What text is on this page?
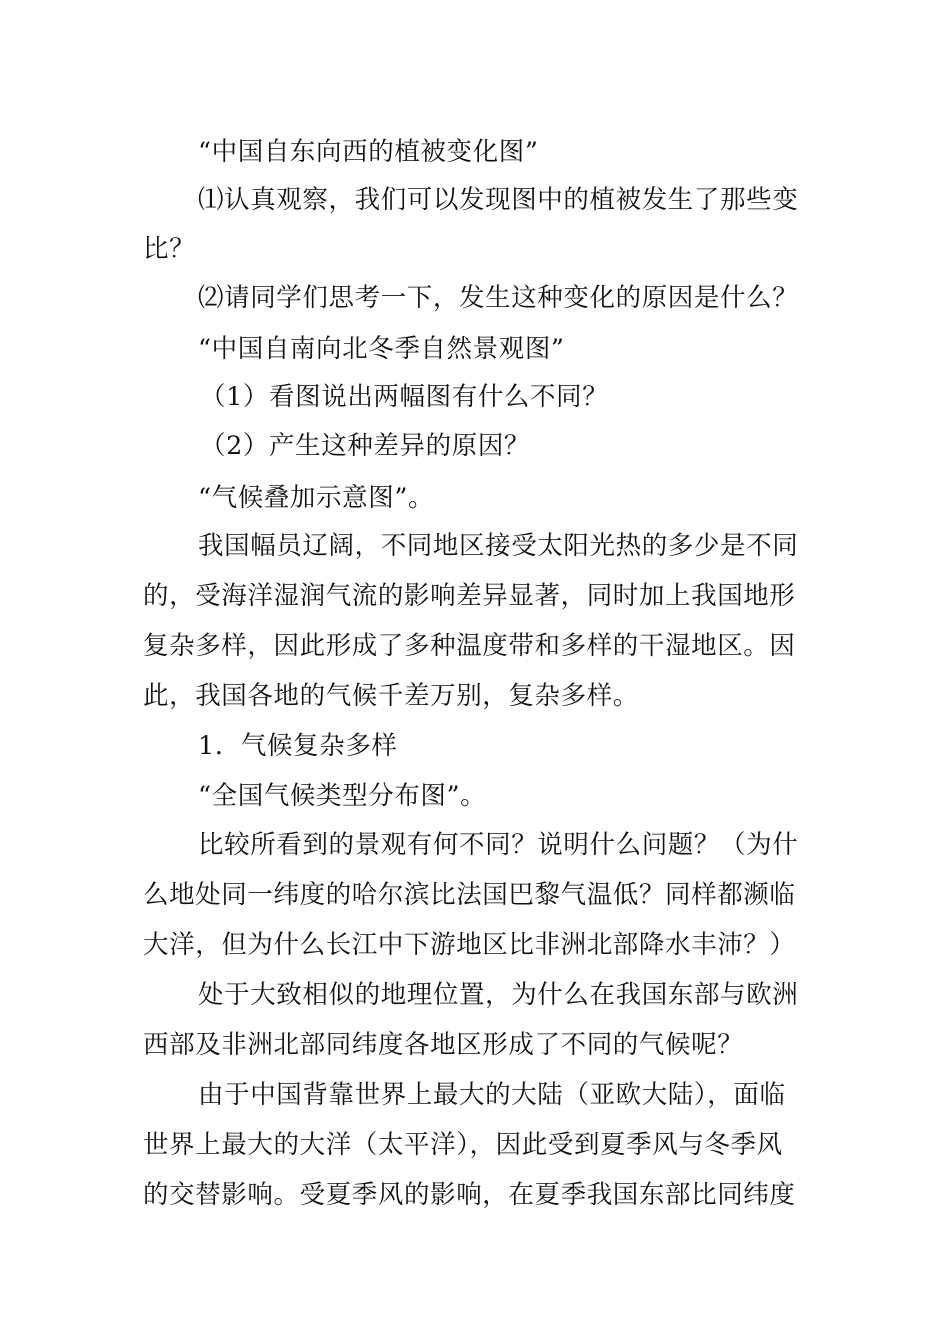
“中国自东向西的植被变化图”
⑴认真观察，我们可以发现图中的植被发生了那些变
比？
⑵请同学们思考一下，发生这种变化的原因是什么？
“中国自南向北冬季自然景观图”
（1）看图说出两幅图有什么不同？
（2）产生这种差异的原因？
“气候叠加示意图”。
我国幅员辽阔，不同地区接受太阳光热的多少是不同
的，受海洋湿润气流的影响差异显著，同时加上我国地形
复杂多样，因此形成了多种温度带和多样的干湿地区。因
此，我国各地的气候千差万别，复杂多样。
1．气候复杂多样
“全国气候类型分布图”。
比较所看到的景观有何不同？说明什么问题？（为什
么地处同一纬度的哈尔滨比法国巴黎气温低？同样都濒临
大洋，但为什么长江中下游地区比非洲北部降水丰沛？）
处于大致相似的地理位置，为什么在我国东部与欧洲
西部及非洲北部同纬度各地区形成了不同的气候呢？
由于中国背靠世界上最大的大陆（亚欧大陆），面临
世界上最大的大洋（太平洋），因此受到夏季风与冬季风
的交替影响。受夏季风的影响，在夏季我国东部比同纬度
